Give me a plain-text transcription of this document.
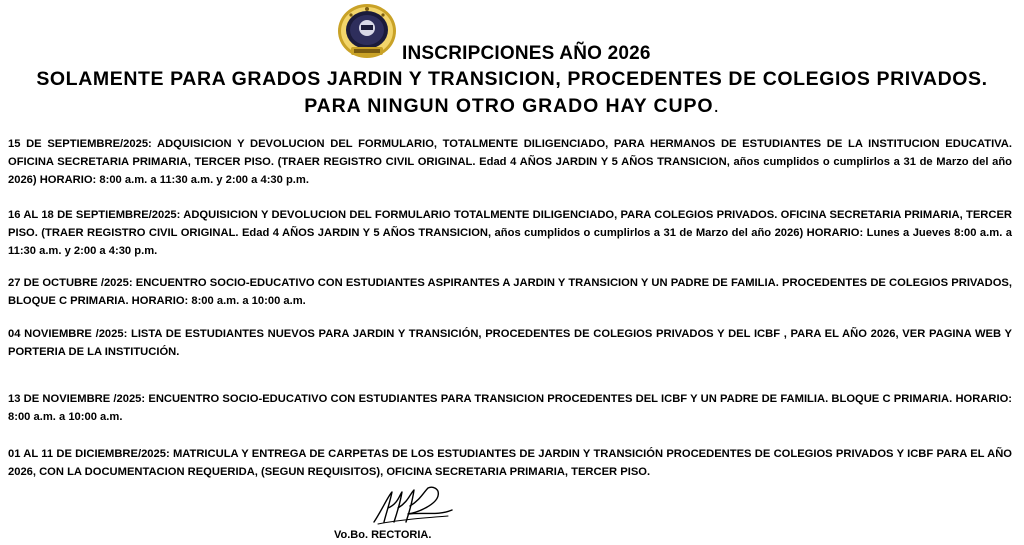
INSCRIPCIONES AÑO 2026
SOLAMENTE PARA GRADOS JARDIN Y TRANSICION, PROCEDENTES DE COLEGIOS PRIVADOS.
PARA NINGUN OTRO GRADO HAY CUPO.

15 DE SEPTIEMBRE/2025: ADQUISICION Y DEVOLUCION DEL FORMULARIO, TOTALMENTE DILIGENCIADO, PARA HERMANOS DE ESTUDIANTES DE LA INSTITUCION EDUCATIVA. OFICINA SECRETARIA PRIMARIA, TERCER PISO. (TRAER REGISTRO CIVIL ORIGINAL. Edad 4 AÑOS JARDIN Y 5 AÑOS TRANSICION, años cumplidos o cumplirlos a 31 de Marzo del año 2026) HORARIO: 8:00 a.m. a 11:30 a.m. y 2:00 a 4:30 p.m.

16 AL 18 DE SEPTIEMBRE/2025: ADQUISICION Y DEVOLUCION DEL FORMULARIO TOTALMENTE DILIGENCIADO, PARA COLEGIOS PRIVADOS. OFICINA SECRETARIA PRIMARIA, TERCER PISO. (TRAER REGISTRO CIVIL ORIGINAL. Edad 4 AÑOS JARDIN Y 5 AÑOS TRANSICION, años cumplidos o cumplirlos a 31 de Marzo del año 2026) HORARIO: Lunes a Jueves 8:00 a.m. a 11:30 a.m. y 2:00 a 4:30 p.m.

27 DE OCTUBRE /2025: ENCUENTRO SOCIO-EDUCATIVO CON ESTUDIANTES ASPIRANTES A JARDIN Y TRANSICION Y UN PADRE DE FAMILIA. PROCEDENTES DE COLEGIOS PRIVADOS, BLOQUE C PRIMARIA. HORARIO: 8:00 a.m. a 10:00 a.m.

04 NOVIEMBRE /2025: LISTA DE ESTUDIANTES NUEVOS PARA JARDIN Y TRANSICIÓN, PROCEDENTES DE COLEGIOS PRIVADOS Y DEL ICBF , PARA EL AÑO 2026, VER PAGINA WEB Y PORTERIA DE LA INSTITUCIÓN.

13 DE NOVIEMBRE /2025: ENCUENTRO SOCIO-EDUCATIVO CON ESTUDIANTES PARA TRANSICION PROCEDENTES DEL ICBF Y UN PADRE DE FAMILIA. BLOQUE C PRIMARIA. HORARIO: 8:00 a.m. a 10:00 a.m.

01 AL 11 DE DICIEMBRE/2025: MATRICULA Y ENTREGA DE CARPETAS DE LOS ESTUDIANTES DE JARDIN Y TRANSICIÓN PROCEDENTES DE COLEGIOS PRIVADOS Y ICBF PARA EL AÑO 2026, CON LA DOCUMENTACION REQUERIDA, (SEGUN REQUISITOS), OFICINA SECRETARIA PRIMARIA, TERCER PISO.

Vo.Bo. RECTORIA.
